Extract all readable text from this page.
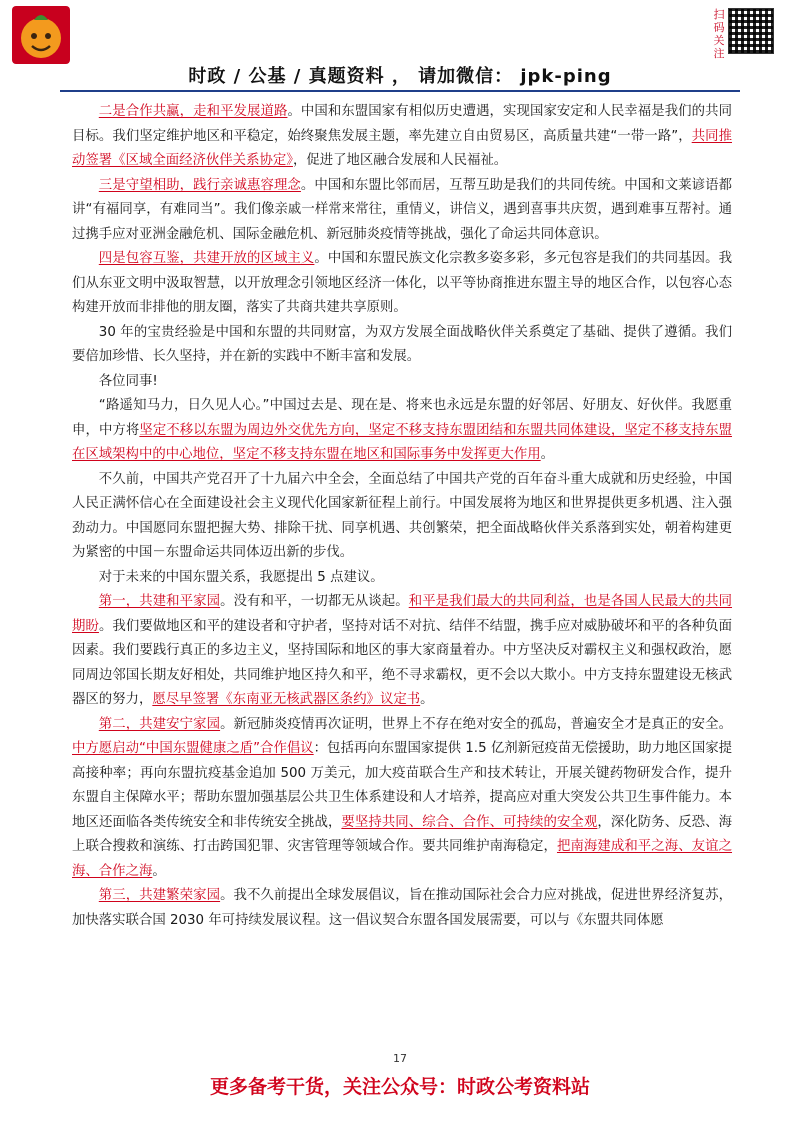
扫码关注
时政 / 公基 / 真题资料 ， 请加微信： jpk-ping

二是合作共赢，走和平发展道路。中国和东盟国家有相似历史遭遇，实现国家安定和人民幸福是我们的共同目标。我们坚定维护地区和平稳定，始终聚焦发展主题，率先建立自由贸易区，高质量共建“一带一路”，共同推动签署《区域全面经济伙伴关系协定》，促进了地区融合发展和人民福祉。

三是守望相助，践行亲诚惠容理念。中国和东盟比邻而居，互帮互助是我们的共同传统。中国和文莱谚语都讲“有福同享，有难同当”。我们像亲戚一样常来常往，重情义，讲信义，遇到喜事共庆贺，遇到难事互帮衬。通过携手应对亚洲金融危机、国际金融危机、新冠肺炎疫情等挑战，强化了命运共同体意识。

四是包容互鉴，共建开放的区域主义。中国和东盟民族文化宗教多姿多彩，多元包容是我们的共同基因。我们从东亚文明中汲取智慧，以开放理念引领地区经济一体化，以平等协商推进东盟主导的地区合作，以包容心态构建开放而非排他的朋友圈，落实了共商共建共享原则。

30 年的宝贵经验是中国和东盟的共同财富，为双方发展全面战略伙伴关系奠定了基础、提供了遵循。我们要倍加珍惜、长久坚持，并在新的实践中不断丰富和发展。

各位同事!

“路遥知马力，日久见人心。”中国过去是、现在是、将来也永远是东盟的好邻居、好朋友、好伙伴。我愿重申，中方将坚定不移以东盟为周边外交优先方向，坚定不移支持东盟团结和东盟共同体建设，坚定不移支持东盟在区域架构中的中心地位，坚定不移支持东盟在地区和国际事务中发挥更大作用。

不久前，中国共产党召开了十九届六中全会，全面总结了中国共产党的百年奋斗重大成就和历史经验，中国人民正满怀信心在全面建设社会主义现代化国家新征程上前行。中国发展将为地区和世界提供更多机遇、注入强劲动力。中国愿同东盟把握大势、排除干扰、同享机遇、共创繁荣，把全面战略伙伴关系落到实处，朝着构建更为紧密的中国－东盟命运共同体迈出新的步伐。

对于未来的中国东盟关系，我愿提出 5 点建议。

第一，共建和平家园。没有和平，一切都无从谈起。和平是我们最大的共同利益，也是各国人民最大的共同期盼。我们要做地区和平的建设者和守护者，坚持对话不对抗、结伴不结盟，携手应对威胁破坏和平的各种负面因素。我们要践行真正的多边主义，坚持国际和地区的事大家商量着办。中方坚决反对霸权主义和强权政治，愿同周边邻国长期友好相处，共同维护地区持久和平，绝不寻求霸权，更不会以大欺小。中方支持东盟建设无核武器区的努力，愿尽早签署《东南亚无核武器区条约》议定书。

第二，共建安宁家园。新冠肺炎疫情再次证明，世界上不存在绝对安全的孤岛，普遍安全才是真正的安全。中方愿启动“中国东盟健康之盾”合作倡议：包括再向东盟国家提供 1.5 亿剂新冠疫苗无偿援助，助力地区国家提高接种率；再向东盟抗疫基金追加 500 万美元，加大疫苗联合生产和技术转让，开展关键药物研发合作，提升东盟自主保障水平；帮助东盟加强基层公共卫生体系建设和人才培养，提高应对重大突发公共卫生事件能力。本地区还面临各类传统安全和非传统安全挑战，要坚持共同、综合、合作、可持续的安全观，深化防务、反恐、海上联合搜救和演练、打击跨国犯罪、灾害管理等领域合作。要共同维护南海稳定，把南海建成和平之海、友谊之海、合作之海。

第三，共建繁荣家园。我不久前提出全球发展倡议，旨在推动国际社会合力应对挑战，促进世界经济复苏，加快落实联合国 2030 年可持续发展议程。这一倡议契合东盟各国发展需要，可以与《东盟共同体愿

17
更多备考干货，关注公众号：时政公考资料站
